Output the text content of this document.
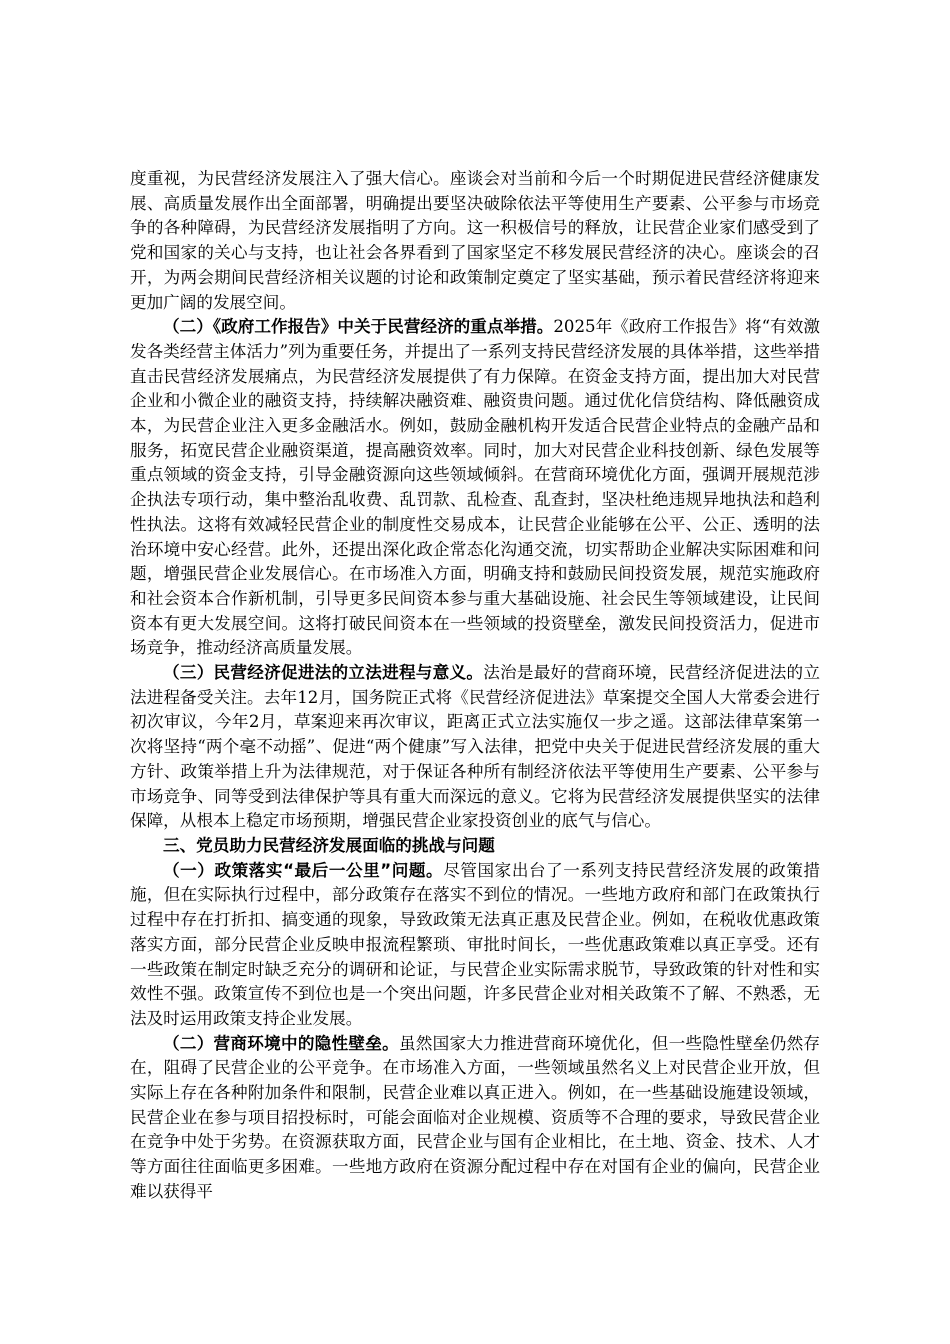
度重视，为民营经济发展注入了强大信心。座谈会对当前和今后一个时期促进民营经济健康发展、高质量发展作出全面部署，明确提出要坚决破除依法平等使用生产要素、公平参与市场竞争的各种障碍，为民营经济发展指明了方向。这一积极信号的释放，让民营企业家们感受到了党和国家的关心与支持，也让社会各界看到了国家坚定不移发展民营经济的决心。座谈会的召开，为两会期间民营经济相关议题的讨论和政策制定奠定了坚实基础，预示着民营经济将迎来更加广阔的发展空间。

（二）《政府工作报告》中关于民营经济的重点举措。2025年《政府工作报告》将“有效激发各类经营主体活力”列为重要任务，并提出了一系列支持民营经济发展的具体举措，这些举措直击民营经济发展痛点，为民营经济发展提供了有力保障。在资金支持方面，提出加大对民营企业和小微企业的融资支持，持续解决融资难、融资贵问题。通过优化信贷结构、降低融资成本，为民营企业注入更多金融活水。例如，鼓励金融机构开发适合民营企业特点的金融产品和服务，拓宽民营企业融资渠道，提高融资效率。同时，加大对民营企业科技创新、绿色发展等重点领域的资金支持，引导金融资源向这些领域倾斜。在营商环境优化方面，强调开展规范涉企执法专项行动，集中整治乱收费、乱罚款、乱检查、乱查封，坚决杜绝违规异地执法和趋利性执法。这将有效减轻民营企业的制度性交易成本，让民营企业能够在公平、公正、透明的法治环境中安心经营。此外，还提出深化政企常态化沟通交流，切实帮助企业解决实际困难和问题，增强民营企业发展信心。在市场准入方面，明确支持和鼓励民间投资发展，规范实施政府和社会资本合作新机制，引导更多民间资本参与重大基础设施、社会民生等领域建设，让民间资本有更大发展空间。这将打破民间资本在一些领域的投资壁垒，激发民间投资活力，促进市场竞争，推动经济高质量发展。

（三）民营经济促进法的立法进程与意义。法治是最好的营商环境，民营经济促进法的立法进程备受关注。去年12月，国务院正式将《民营经济促进法》草案提交全国人大常委会进行初次审议，今年2月，草案迎来再次审议，距离正式立法实施仅一步之遥。这部法律草案第一次将坚持“两个毫不动摇”、促进“两个健康”写入法律，把党中央关于促进民营经济发展的重大方针、政策举措上升为法律规范，对于保证各种所有制经济依法平等使用生产要素、公平参与市场竞争、同等受到法律保护等具有重大而深远的意义。它将为民营经济发展提供坚实的法律保障，从根本上稳定市场预期，增强民营企业家投资创业的底气与信心。

三、党员助力民营经济发展面临的挑战与问题

（一）政策落实“最后一公里”问题。尽管国家出台了一系列支持民营经济发展的政策措施，但在实际执行过程中，部分政策存在落实不到位的情况。一些地方政府和部门在政策执行过程中存在打折扣、搞变通的现象，导致政策无法真正惠及民营企业。例如，在税收优惠政策落实方面，部分民营企业反映申报流程繁琐、审批时间长，一些优惠政策难以真正享受。还有一些政策在制定时缺乏充分的调研和论证，与民营企业实际需求脱节，导致政策的针对性和实效性不强。政策宣传不到位也是一个突出问题，许多民营企业对相关政策不了解、不熟悉，无法及时运用政策支持企业发展。

（二）营商环境中的隐性壁垒。虽然国家大力推进营商环境优化，但一些隐性壁垒仍然存在，阻碍了民营企业的公平竞争。在市场准入方面，一些领域虽然名义上对民营企业开放，但实际上存在各种附加条件和限制，民营企业难以真正进入。例如，在一些基础设施建设领域，民营企业在参与项目招投标时，可能会面临对企业规模、资质等不合理的要求，导致民营企业在竞争中处于劣势。在资源获取方面，民营企业与国有企业相比，在土地、资金、技术、人才等方面往往面临更多困难。一些地方政府在资源分配过程中存在对国有企业的偏向，民营企业难以获得平
